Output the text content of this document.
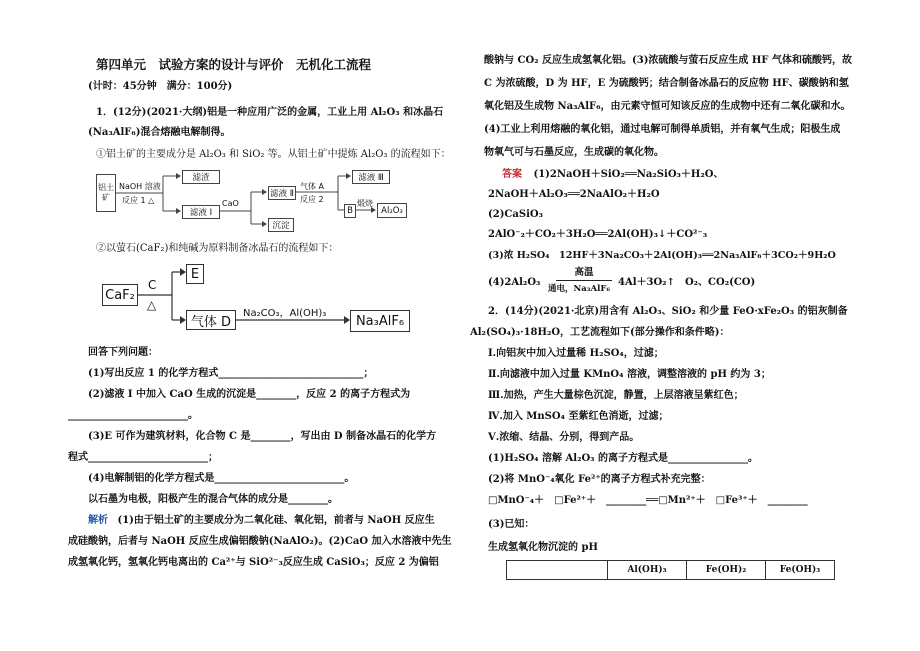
第四单元　试验方案的设计与评价　无机化工流程
(计时：45分钟　满分：100分)
1．(12分)(2021·大纲)铝是一种应用广泛的金属，工业上用 Al₂O₃ 和冰晶石
(Na₃AlF₆)混合熔融电解制得。
①铝土矿的主要成分是 Al₂O₃ 和 SiO₂ 等。从铝土矿中提炼 Al₂O₃ 的流程如下：
铝土矿
NaOH 溶液
反应 1 △
滤渣
滤液 Ⅰ
CaO
滤液 Ⅱ
沉淀
气体 A
反应 2
滤液 Ⅲ
B
煅烧
Al₂O₃
②以萤石(CaF₂)和纯碱为原料制备冰晶石的流程如下：
CaF₂
C
△
E
气体 D
Na₂CO₃，Al(OH)₃	Na₃AlF₆
回答下列问题：
(1)写出反应 1 的化学方程式_____________________________；
(2)滤液 Ⅰ 中加入 CaO 生成的沉淀是________，反应 2 的离子方程式为
________________________。
(3)E 可作为建筑材料，化合物 C 是________，写出由 D 制备冰晶石的化学方
程式________________________；
(4)电解制铝的化学方程式是__________________________。
以石墨为电极，阳极产生的混合气体的成分是________。
解析 (1)由于铝土矿的主要成分为二氧化硅、氧化铝，前者与 NaOH 反应生
成硅酸钠，后者与 NaOH 反应生成偏铝酸钠(NaAlO₂)。(2)CaO 加入水溶液中先生
成氢氧化钙，氢氧化钙电离出的 Ca²⁺与 SiO²⁻₃反应生成 CaSiO₃；反应 2 为偏铝
酸钠与 CO₂ 反应生成氢氧化铝。(3)浓硫酸与萤石反应生成 HF 气体和硫酸钙，故
C 为浓硫酸，D 为 HF，E 为硫酸钙；结合制备冰晶石的反应物 HF、碳酸钠和氢
氧化铝及生成物 Na₃AlF₆，由元素守恒可知该反应的生成物中还有二氧化碳和水。
(4)工业上利用熔融的氧化铝，通过电解可制得单质铝，并有氧气生成；阳极生成
物氧气可与石墨反应，生成碳的氧化物。
答案 (1)2NaOH＋SiO₂══Na₂SiO₃＋H₂O、
2NaOH＋Al₂O₃══2NaAlO₂＋H₂O
(2)CaSiO₃
2AlO⁻₂＋CO₂＋3H₂O══2Al(OH)₃↓＋CO²⁻₃
(3)浓 H₂SO₄　12HF＋3Na₂CO₃＋2Al(OH)₃══2Na₃AlF₆＋3CO₂＋9H₂O
(4)2Al₂O₃
高温
通电，Na₃AlF₆
4Al＋3O₂↑　O₂、CO₂(CO)
2．(14分)(2021·北京)用含有 Al₂O₃、SiO₂ 和少量 FeO·xFe₂O₃ 的铝灰制备
Al₂(SO₄)₃·18H₂O，工艺流程如下(部分操作和条件略)：
Ⅰ.向铝灰中加入过量稀 H₂SO₄，过滤；
Ⅱ.向滤液中加入过量 KMnO₄ 溶液，调整溶液的 pH 约为 3；
Ⅲ.加热，产生大量棕色沉淀，静置，上层溶液呈紫红色；
Ⅳ.加入 MnSO₄ 至紫红色消逝，过滤；
Ⅴ.浓缩、结晶、分别，得到产品。
(1)H₂SO₄ 溶解 Al₂O₃ 的离子方程式是________________。
(2)将 MnO⁻₄氧化 Fe²⁺的离子方程式补充完整：
□MnO⁻₄＋　□Fe²⁺＋　________══□Mn²⁺＋　□Fe³⁺＋　________
(3)已知：
生成氢氧化物沉淀的 pH
	Al(OH)₃	Fe(OH)₂	Fe(OH)₃
